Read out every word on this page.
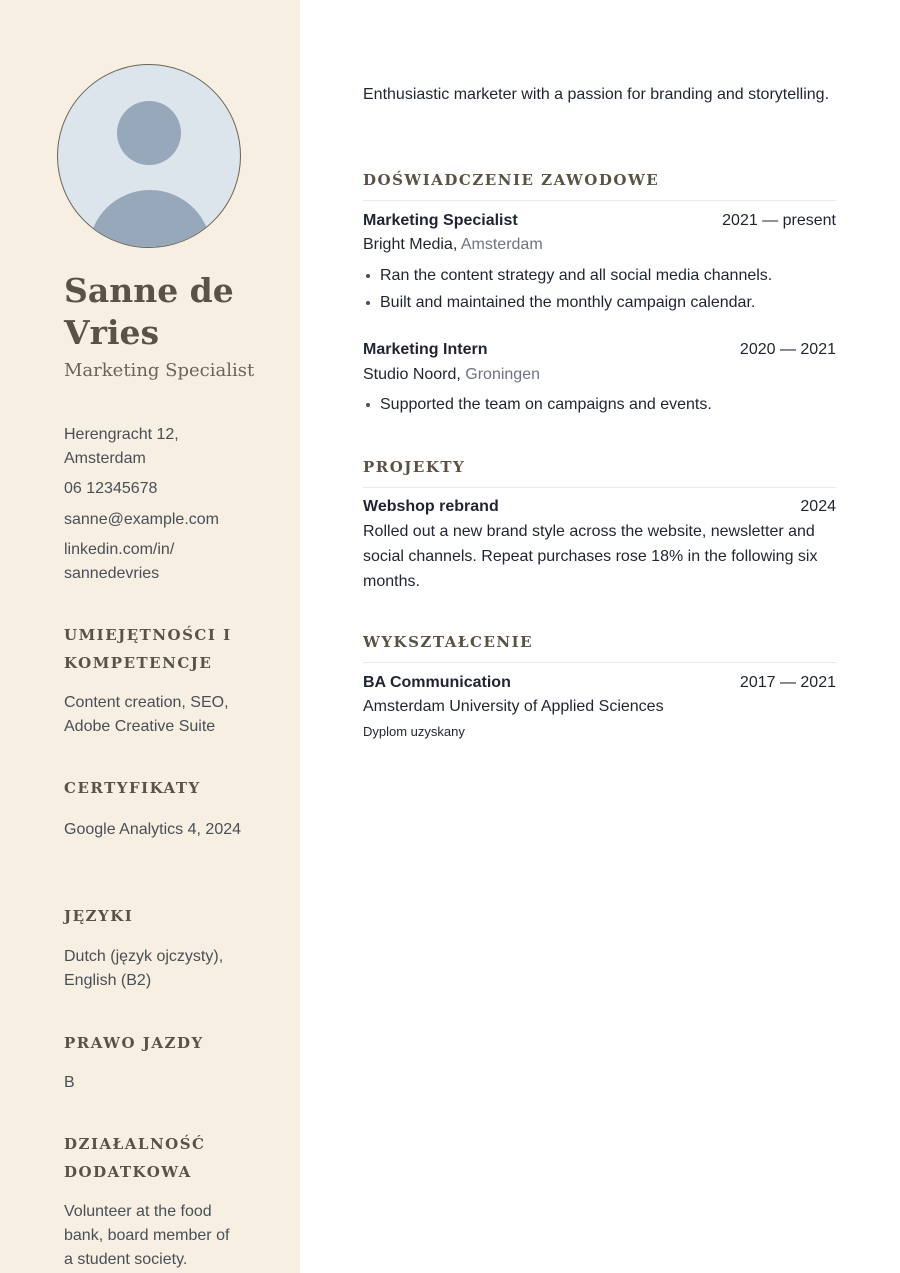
Sanne de Vries
Marketing Specialist
Herengracht 12, Amsterdam
06 12345678
sanne@example.com
linkedin.com/in/ sannedevries
UMIEJĘTNOŚCI I KOMPETENCJE

Content creation, SEO, Adobe Creative Suite

CERTYFIKATY

Google Analytics 4, 2024

JĘZYKI

Dutch (język ojczysty), English (B2)

PRAWO JAZDY

B

DZIAŁALNOŚĆ DODATKOWA

Volunteer at the food bank, board member of a student society.

Enthusiastic marketer with a passion for branding and storytelling.

DOŚWIADCZENIE ZAWODOWE
Marketing Specialist	2021 — present
Bright Media, Amsterdam
Ran the content strategy and all social media channels.
Built and maintained the monthly campaign calendar.
Marketing Intern	2020 — 2021
Studio Noord, Groningen
Supported the team on campaigns and events.
PROJEKTY
Webshop rebrand	2024

Rolled out a new brand style across the website, newsletter and social channels. Repeat purchases rose 18% in the following six months.

WYKSZTAŁCENIE
BA Communication	2017 — 2021
Amsterdam University of Applied Sciences
Dyplom uzyskany
